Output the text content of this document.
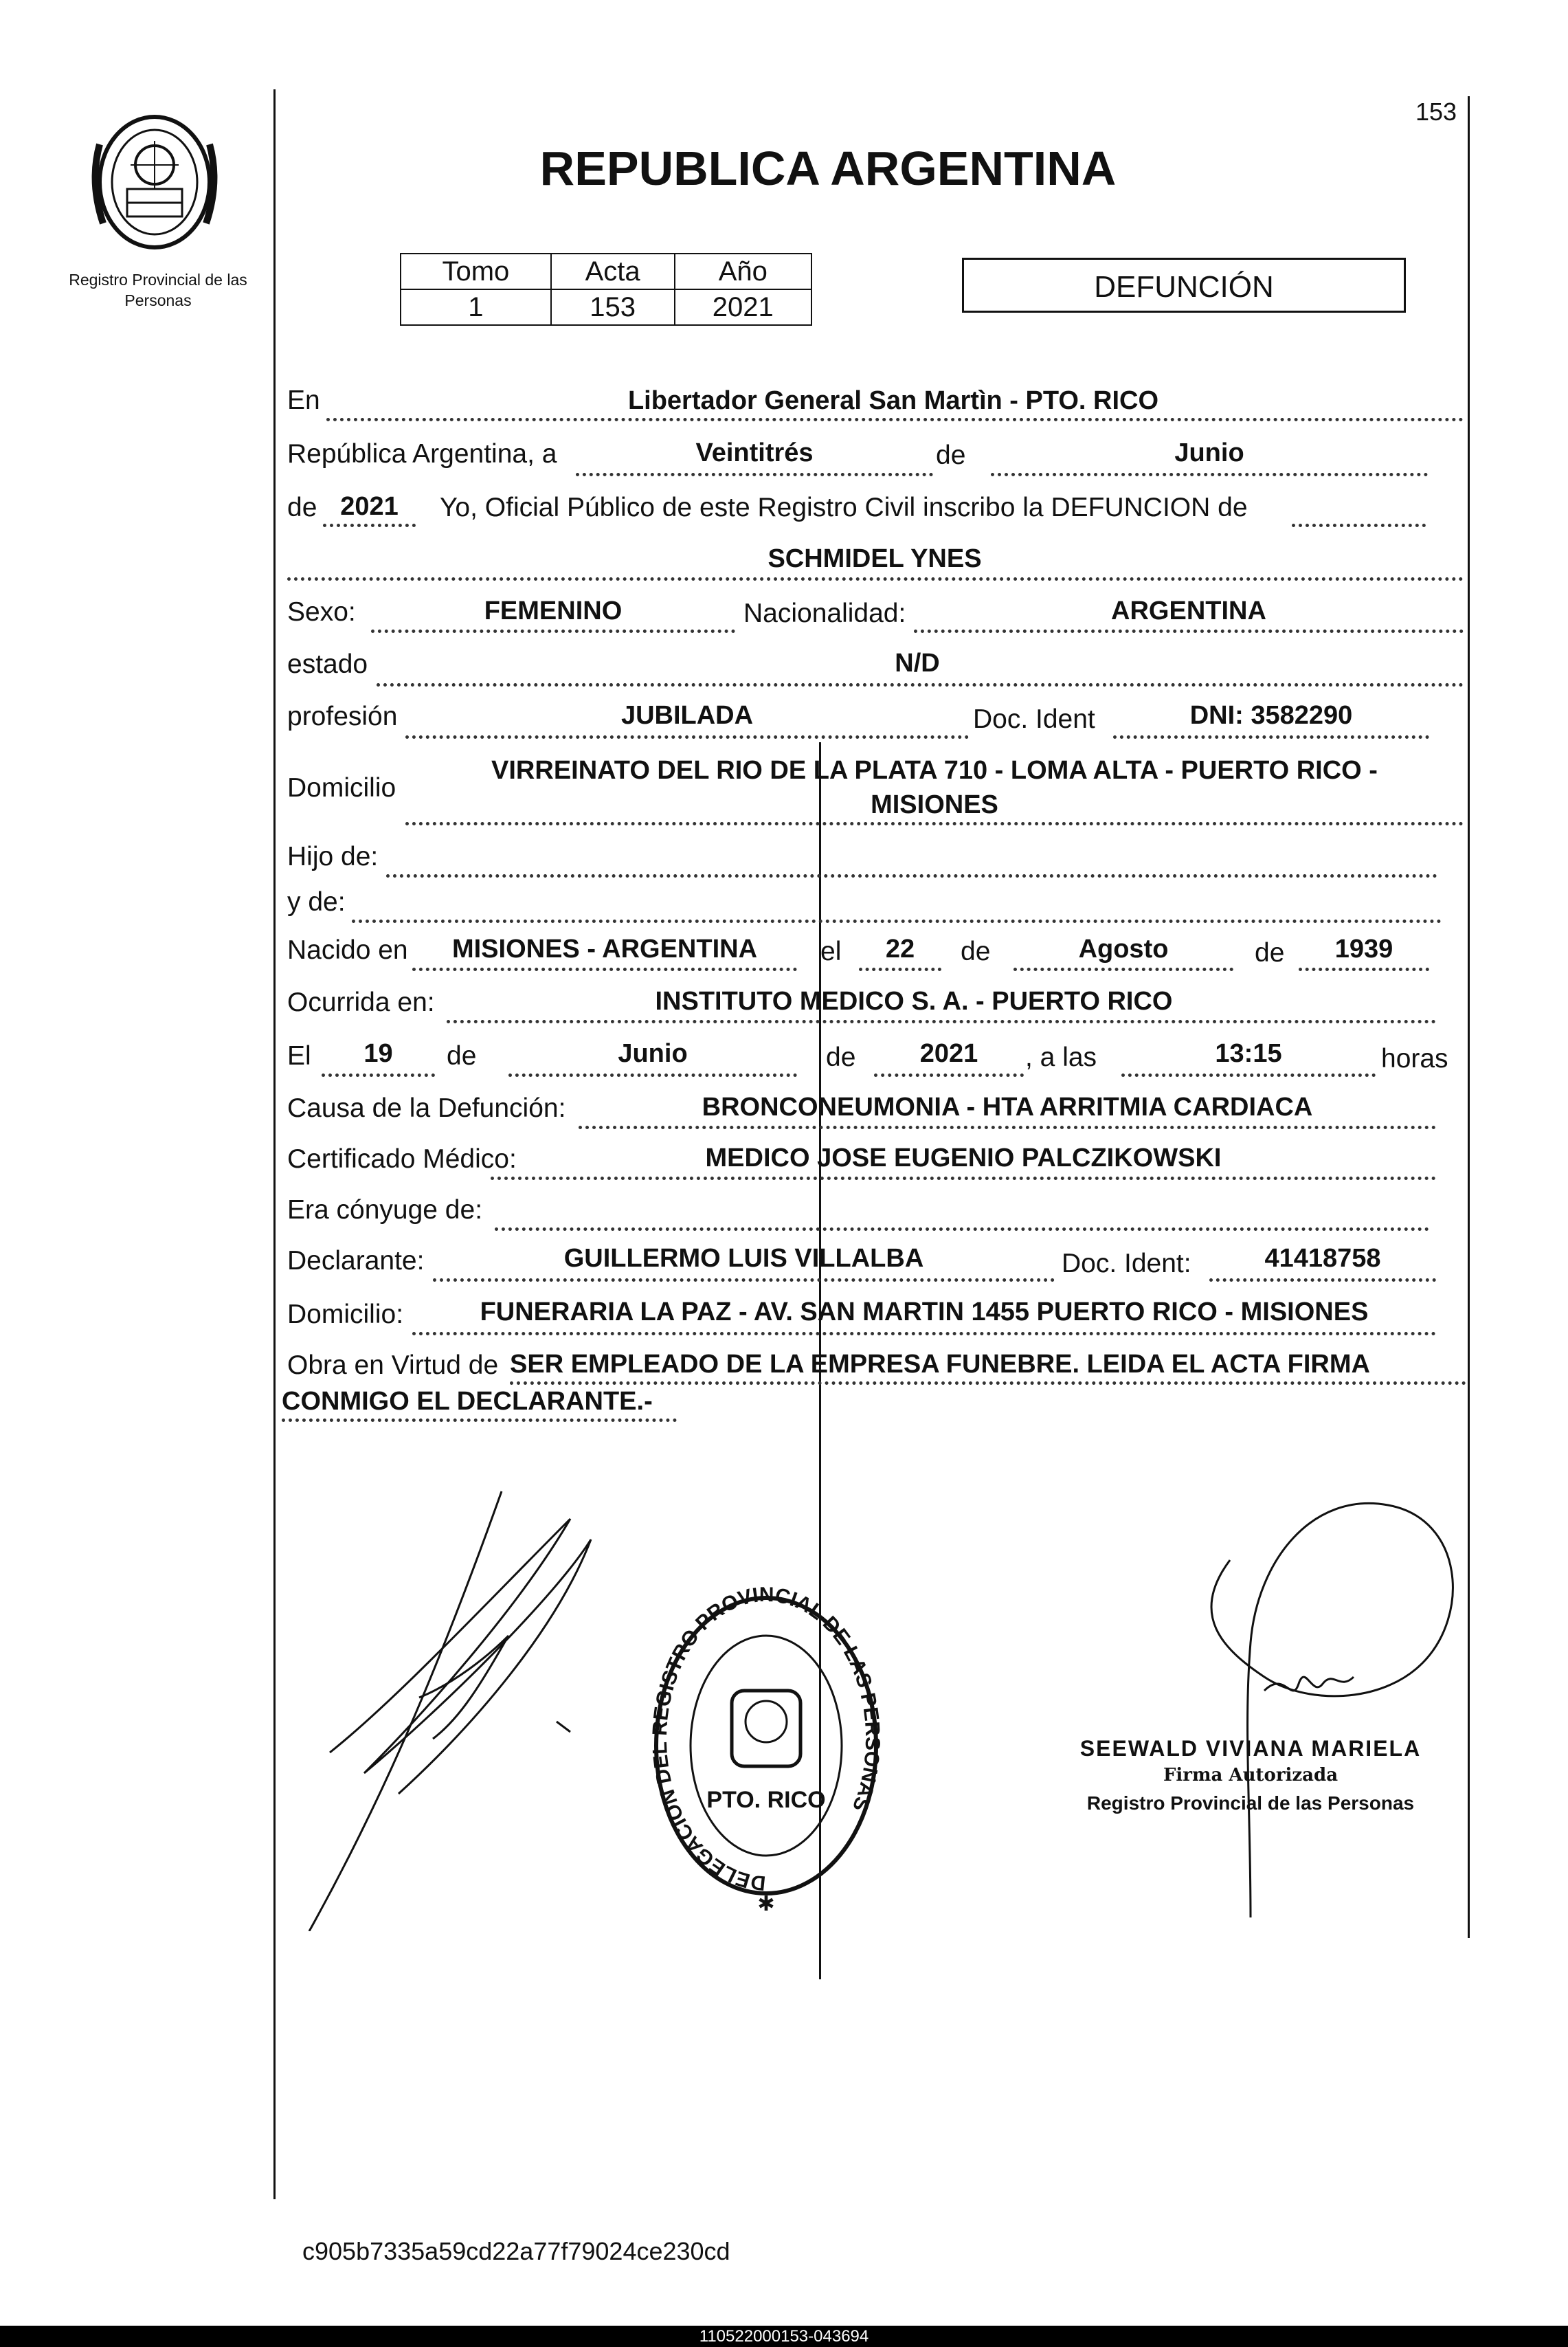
Registro Provincial de las Personas
153
REPUBLICA ARGENTINA
Tomo	Acta	Año
1	153	2021
DEFUNCIÓN
En	Libertador General San Martìn - PTO. RICO
República Argentina, a	Veintitrés	de	Junio
de 2021	Yo, Oficial Público de este Registro Civil inscribo la DEFUNCION de
SCHMIDEL YNES
Sexo:	FEMENINO	Nacionalidad:	ARGENTINA
estado	N/D
profesión	JUBILADA	Doc. Ident	DNI: 3582290
Domicilio
VIRREINATO DEL RIO DE LA PLATA 710 - LOMA ALTA - PUERTO RICO -
MISIONES
Hijo de:
y de:
Nacido en	MISIONES - ARGENTINA	el	22	de	Agosto	de	1939
Ocurrida en:	INSTITUTO MEDICO S. A. - PUERTO RICO
El	19	de	Junio	de	2021	, a las	13:15	horas
Causa de la Defunción:	BRONCONEUMONIA - HTA ARRITMIA CARDIACA
Certificado Médico:	MEDICO JOSE EUGENIO PALCZIKOWSKI
Era cónyuge de:
Declarante:	GUILLERMO LUIS VILLALBA	Doc. Ident:	41418758
Domicilio:	FUNERARIA LA PAZ - AV. SAN MARTIN 1455 PUERTO RICO - MISIONES
Obra en Virtud de SER EMPLEADO DE LA EMPRESA FUNEBRE. LEIDA EL ACTA FIRMA
CONMIGO EL DECLARANTE.-
DELEGACION DEL REGISTRO PROVINCIAL DE LAS PERSONAS
PTO. RICO
✱
SEEWALD VIVIANA MARIELA
Firma Autorizada
Registro Provincial de las Personas
c905b7335a59cd22a77f79024ce230cd
110522000153-043694
